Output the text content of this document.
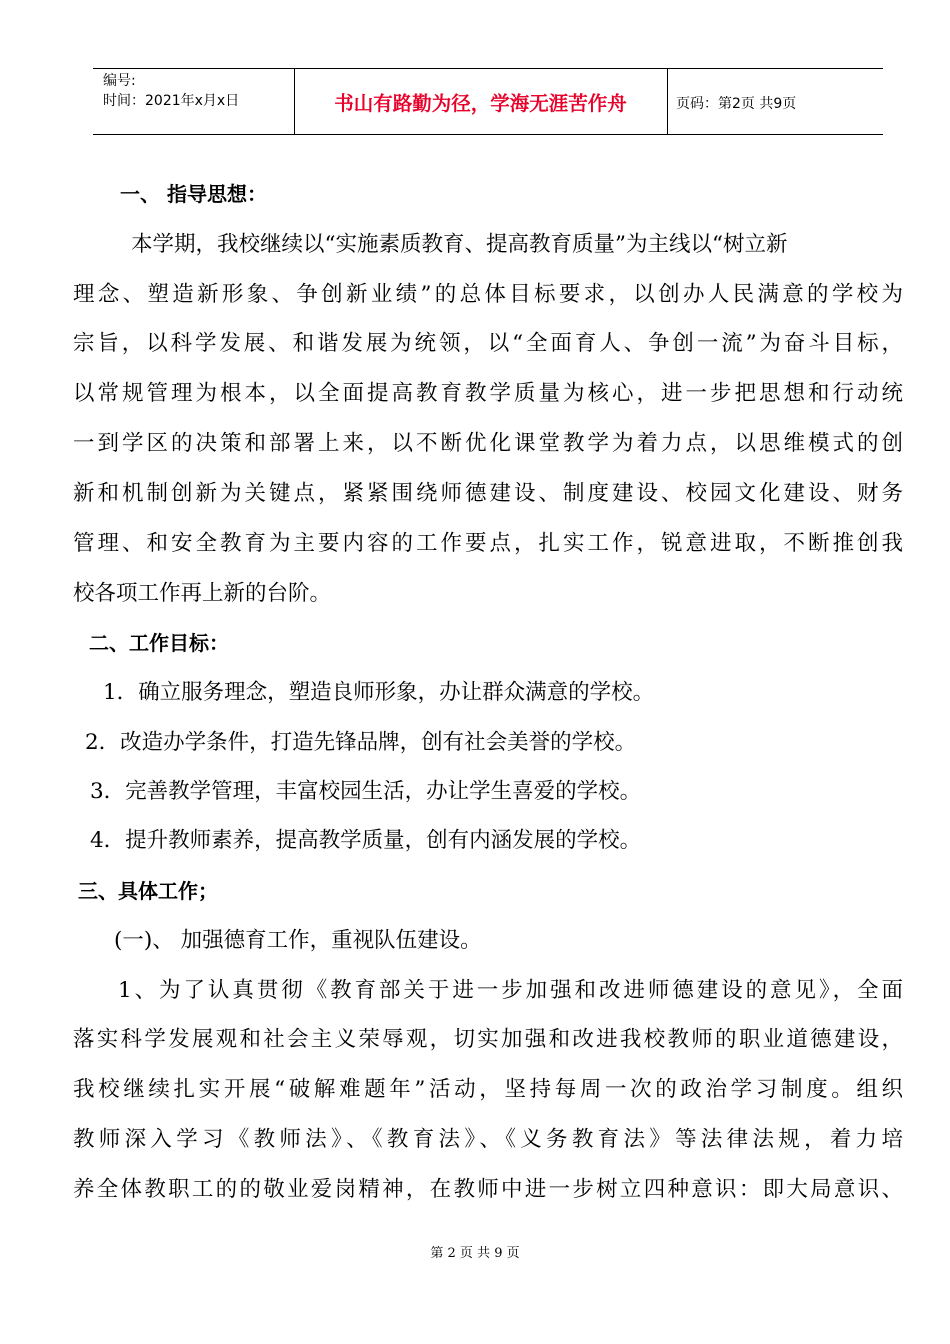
编号:
时间：2021年x月x日	书山有路勤为径，学海无涯苦作舟	页码：第2页 共9页
一、 指导思想：
本学期，我校继续以“实施素质教育、提高教育质量”为主线以“树立新
理念、塑造新形象、争创新业绩”的总体目标要求，以创办人民满意的学校为
宗旨，以科学发展、和谐发展为统领，以“全面育人、争创一流”为奋斗目标，
以常规管理为根本，以全面提高教育教学质量为核心，进一步把思想和行动统
一到学区的决策和部署上来，以不断优化课堂教学为着力点，以思维模式的创
新和机制创新为关键点，紧紧围绕师德建设、制度建设、校园文化建设、财务
管理、和安全教育为主要内容的工作要点，扎实工作，锐意进取，不断推创我
校各项工作再上新的台阶。
二、工作目标：
1．确立服务理念，塑造良师形象，办让群众满意的学校。
2．改造办学条件，打造先锋品牌，创有社会美誉的学校。
3．完善教学管理，丰富校园生活，办让学生喜爱的学校。
4．提升教师素养，提高教学质量，创有内涵发展的学校。
三、具体工作；
(一)、 加强德育工作，重视队伍建设。
1、为了认真贯彻《教育部关于进一步加强和改进师德建设的意见》，全面
落实科学发展观和社会主义荣辱观，切实加强和改进我校教师的职业道德建设，
我校继续扎实开展“破解难题年”活动，坚持每周一次的政治学习制度。组织
教师深入学习《教师法》、《教育法》、《义务教育法》等法律法规，着力培
养全体教职工的的敬业爱岗精神，在教师中进一步树立四种意识：即大局意识、
第 2 页 共 9 页
